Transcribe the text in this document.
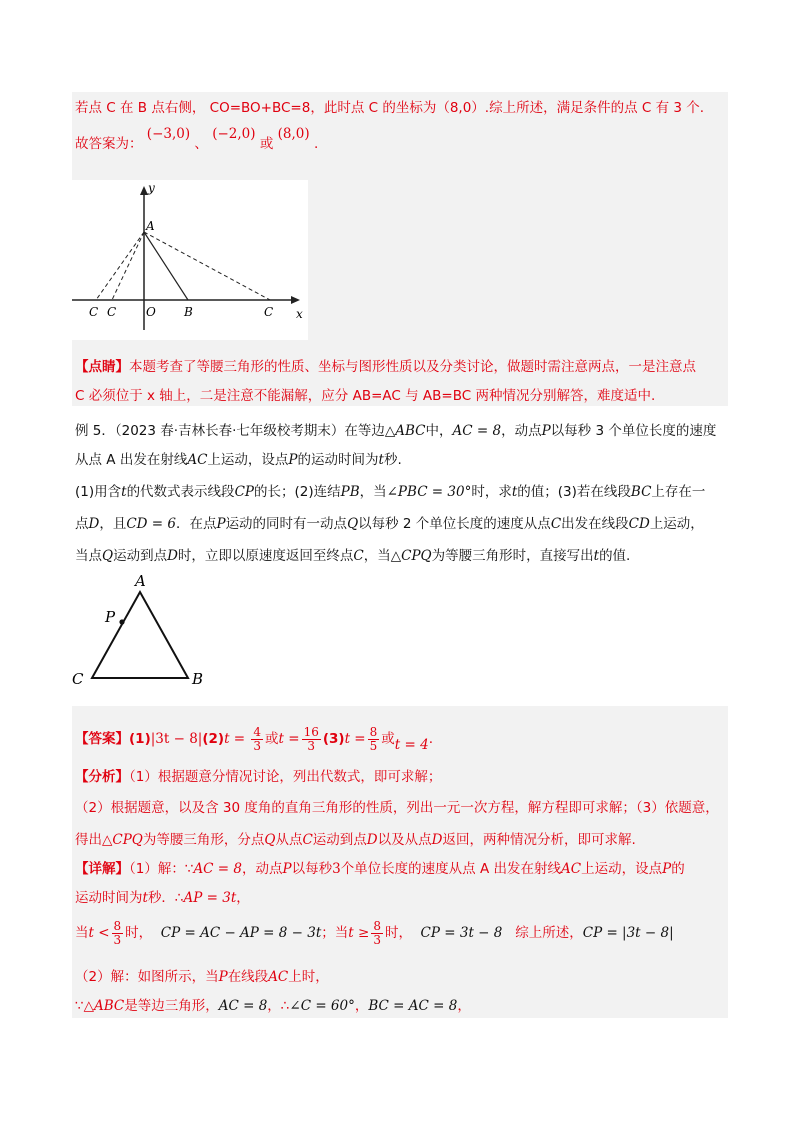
若点 C 在 B 点右侧， CO=BO+BC=8，此时点 C 的坐标为（8,0）.综上所述，满足条件的点 C 有 3 个.
故答案为： (−3,0) 、 (−2,0) 或 (8,0) .
y
x
A
O B
C C	C
【点睛】本题考查了等腰三角形的性质、坐标与图形性质以及分类讨论，做题时需注意两点，一是注意点
C 必须位于 x 轴上，二是注意不能漏解，应分 AB=AC 与 AB=BC 两种情况分别解答，难度适中.
例 5．（2023 春·吉林长春·七年级校考期末）在等边△ABC中，AC = 8，动点P以每秒 3 个单位长度的速度
从点 A 出发在射线AC上运动，设点P的运动时间为t秒.
(1)用含t的代数式表示线段CP的长；(2)连结PB，当∠PBC = 30°时，求t的值；(3)若在线段BC上存在一
点D，且CD = 6．在点P运动的同时有一动点Q以每秒 2 个单位长度的速度从点C出发在线段CD上运动，
当点Q运动到点D时，立即以原速度返回至终点C，当△CPQ为等腰三角形时，直接写出t的值.
A
B
C
P
【答案】$(1)|3t - 8|(2)t = \frac{4}{3}$ 或$t = \frac{16}{3} (3)t = \frac{8}{5}$ 或t = 4.
【分析】（1）根据题意分情况讨论，列出代数式，即可求解；
（2）根据题意，以及含 30 度角的直角三角形的性质，列出一元一次方程，解方程即可求解；（3）依题意，
得出△CPQ为等腰三角形，分点Q从点C运动到点D以及从点D返回，两种情况分析，即可求解.
【详解】（1）解：∵AC = 8，动点P以每秒3个单位长度的速度从点 A 出发在射线AC上运动，设点P的
运动时间为t秒．∴AP = 3t，
当$t < \frac{8}{3}$ 时， CP = AC − AP = 8 − 3t；当$t \ge \frac{8}{3}$ 时， CP = 3t − 8 综上所述，CP = |3t − 8|
（2）解：如图所示，当P在线段AC上时，
∵△ABC是等边三角形，AC = 8，∴∠C = 60°，BC = AC = 8，
